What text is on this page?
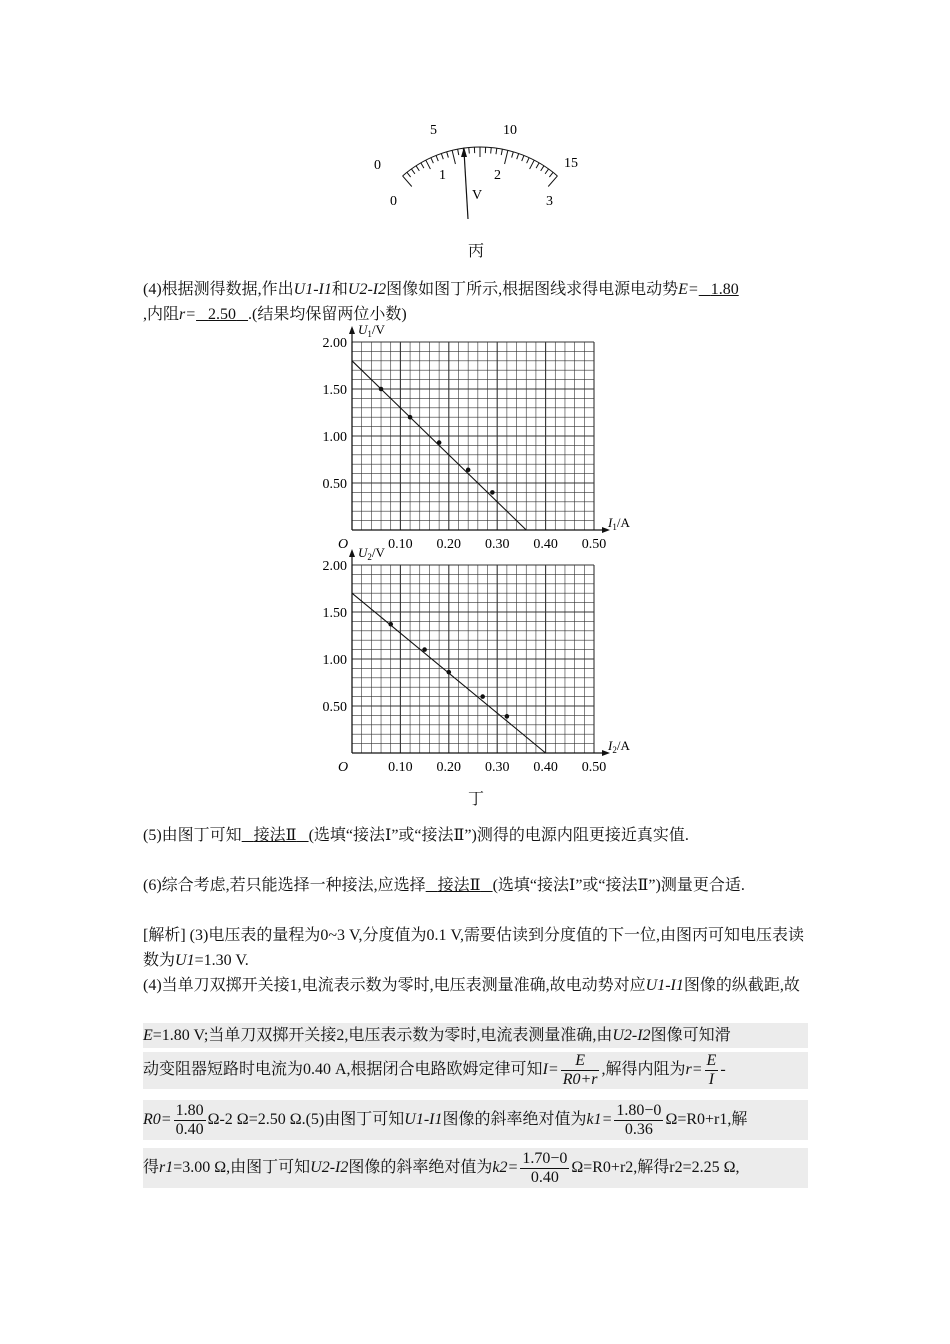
0
5	10
15
0
1	2
3
V
丙
(4)根据测得数据,作出U1-I1和U2-I2图像如图丁所示,根据图线求得电源电动势E= 1.80
,内阻r= 2.50 .(结果均保留两位小数)
0.10 0.20 0.30 0.40 0.50
2.00
1.50
1.00
0.50
O
$U_1/V$
$I_1/A$
0.10 0.20 0.30 0.40 0.50
2.00
1.50
1.00
0.50
O
$U_2/V$
$I_2/A$
丁
(5)由图丁可知 接法Ⅱ (选填“接法Ⅰ”或“接法Ⅱ”)测得的电源内阻更接近真实值.
(6)综合考虑,若只能选择一种接法,应选择 接法Ⅱ (选填“接法Ⅰ”或“接法Ⅱ”)测量更合适.
[解析] (3)电压表的量程为0~3 V,分度值为0.1 V,需要估读到分度值的下一位,由图丙可知电压表读数为U1=1.30 V.
(4)当单刀双掷开关接1,电流表示数为零时,电压表测量准确,故电动势对应U1-I1图像的纵截距,故
E=1.80 V;当单刀双掷开关接2,电压表示数为零时,电流表测量准确,由U2-I2图像可知滑
动变阻器短路时电流为0.40 A,根据闭合电路欧姆定律可知$I= \frac{E}{R0+r}$ ,解得内阻为$r= \frac{E}{I}$ -
$R0= \frac{1.80}{0.40} \Omega-2$ Ω=2.50 Ω.(5)由图丁可知U1-I1图像的斜率绝对值为$k1= \frac{1.80-0}{0.36} \Omega=R0+r1$,解
得r1=3.00 Ω,由图丁可知U2-I2图像的斜率绝对值为$k2= \frac{1.70-0}{0.40} \Omega=R0+r2$,解得r2=2.25 Ω,
